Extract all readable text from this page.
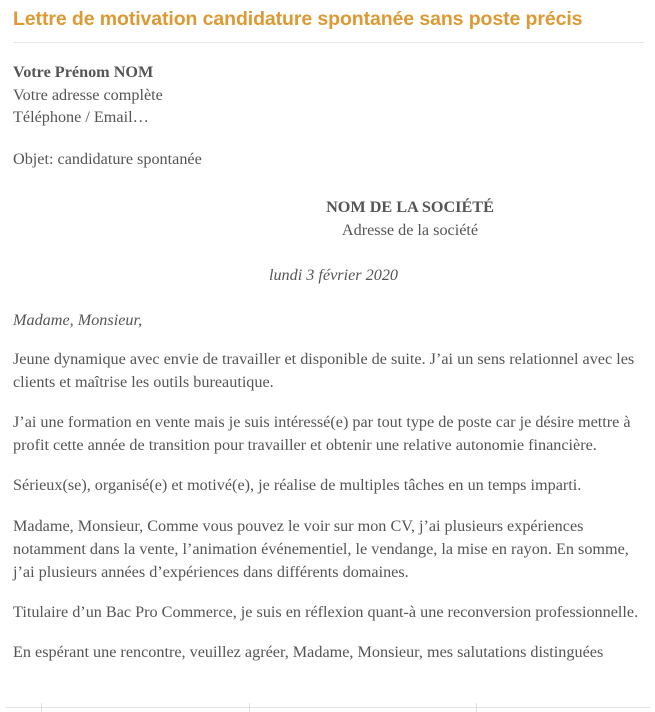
Lettre de motivation candidature spontanée sans poste précis

Votre Prénom NOM

Votre adresse complète

Téléphone / Email…

Objet: candidature spontanée

NOM DE LA SOCIÉTÉ

Adresse de la société

lundi 3 février 2020

Madame, Monsieur,

Jeune dynamique avec envie de travailler et disponible de suite. J’ai un sens relationnel avec les clients et maîtrise les outils bureautique.

J’ai une formation en vente mais je suis intéressé(e) par tout type de poste car je désire mettre à profit cette année de transition pour travailler et obtenir une relative autonomie financière.

Sérieux(se), organisé(e) et motivé(e), je réalise de multiples tâches en un temps imparti.

Madame, Monsieur, Comme vous pouvez le voir sur mon CV, j’ai plusieurs expériences notamment dans la vente, l’animation événementiel, le vendange, la mise en rayon. En somme, j’ai plusieurs années d’expériences dans différents domaines.

Titulaire d’un Bac Pro Commerce, je suis en réflexion quant-à une reconversion professionnelle.

En espérant une rencontre, veuillez agréer, Madame, Monsieur, mes salutations distinguées
